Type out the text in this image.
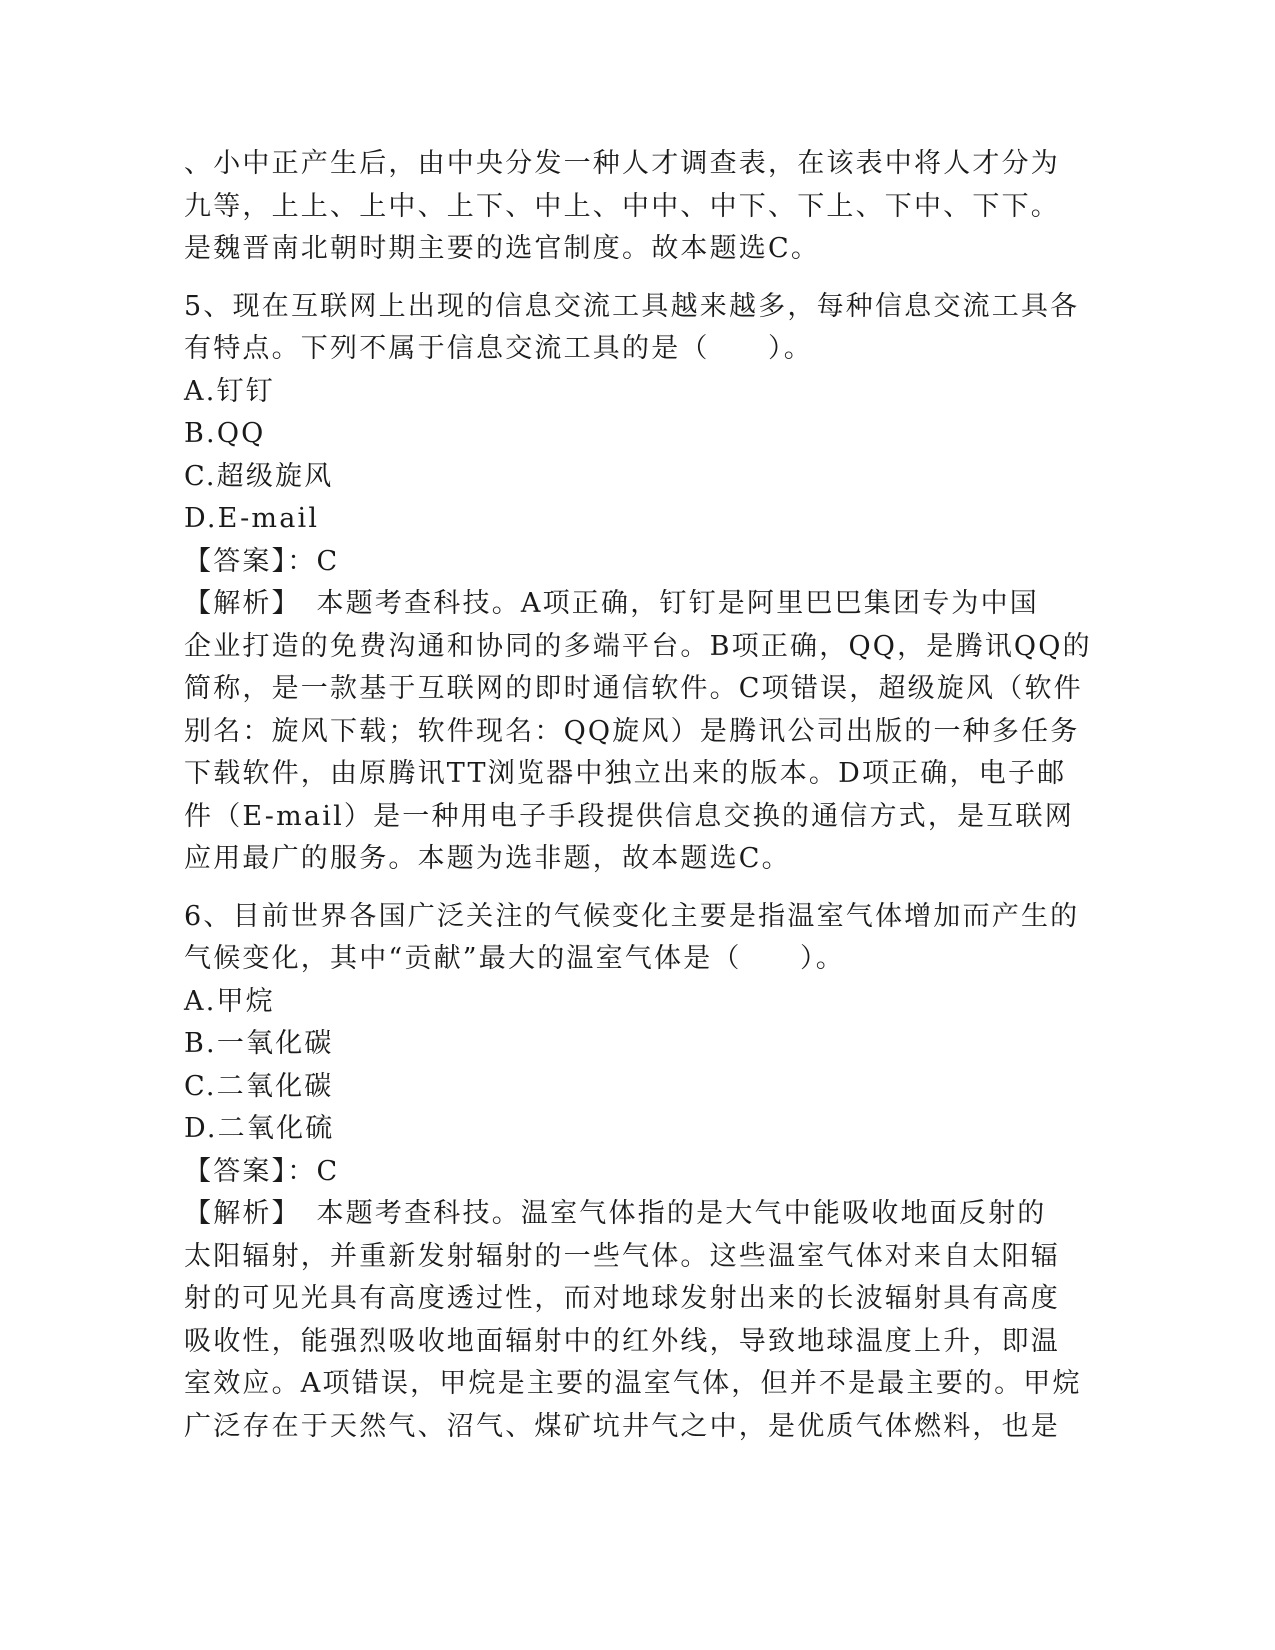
、小中正产生后，由中央分发一种人才调查表，在该表中将人才分为
九等，上上、上中、上下、中上、中中、中下、下上、下中、下下。
是魏晋南北朝时期主要的选官制度。故本题选C。
5、现在互联网上出现的信息交流工具越来越多，每种信息交流工具各
有特点。下列不属于信息交流工具的是（　　）。
A.钉钉
B.QQ
C.超级旋风
D.E-mail
【答案】：C
【解析】　本题考查科技。A项正确，钉钉是阿里巴巴集团专为中国
企业打造的免费沟通和协同的多端平台。B项正确，QQ，是腾讯QQ的
简称，是一款基于互联网的即时通信软件。C项错误，超级旋风（软件
别名：旋风下载；软件现名：QQ旋风）是腾讯公司出版的一种多任务
下载软件，由原腾讯TT浏览器中独立出来的版本。D项正确，电子邮
件（E-mail）是一种用电子手段提供信息交换的通信方式，是互联网
应用最广的服务。本题为选非题，故本题选C。
6、目前世界各国广泛关注的气候变化主要是指温室气体增加而产生的
气候变化，其中“贡献”最大的温室气体是（　　）。
A.甲烷
B.一氧化碳
C.二氧化碳
D.二氧化硫
【答案】：C
【解析】　本题考查科技。温室气体指的是大气中能吸收地面反射的
太阳辐射，并重新发射辐射的一些气体。这些温室气体对来自太阳辐
射的可见光具有高度透过性，而对地球发射出来的长波辐射具有高度
吸收性，能强烈吸收地面辐射中的红外线，导致地球温度上升，即温
室效应。A项错误，甲烷是主要的温室气体，但并不是最主要的。甲烷
广泛存在于天然气、沼气、煤矿坑井气之中，是优质气体燃料，也是
